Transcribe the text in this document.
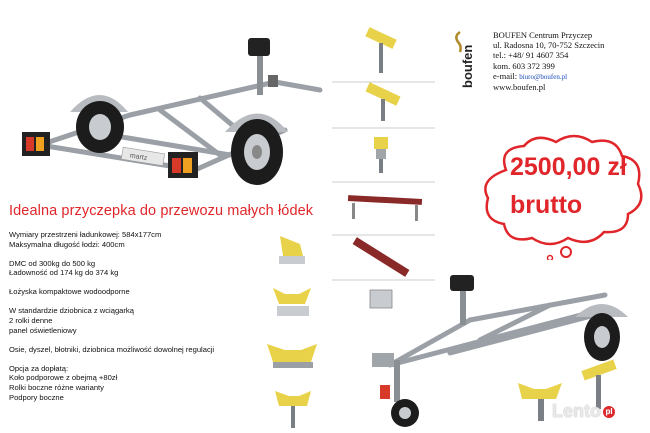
martz
boufen
BOUFEN Centrum Przyczep
ul. Radosna 10, 70-752 Szczecin
tel.: +48/ 91 4607 354
kom. 603 372 399
e-mail: biuro@boufen.pl
www.boufen.pl
2500,00 zł
brutto
Idealna przyczepka do przewozu małych łódek

Wymiary przestrzeni ładunkowej: 584x177cm

Maksymalna długość łodzi: 400cm

DMC od 300kg do 500 kg

Ładowność od 174 kg do 374 kg

Łożyska kompaktowe wodoodporne

W standardzie dziobnica z wciągarką

2 rolki denne

panel oświetleniowy

Osie, dyszel, błotniki, dziobnica możliwość dowolnej regulacji

Opcja za dopłatą:

Koło podporowe z obejmą +80zł

Rolki boczne różne warianty

Podpory boczne

Lento pl
